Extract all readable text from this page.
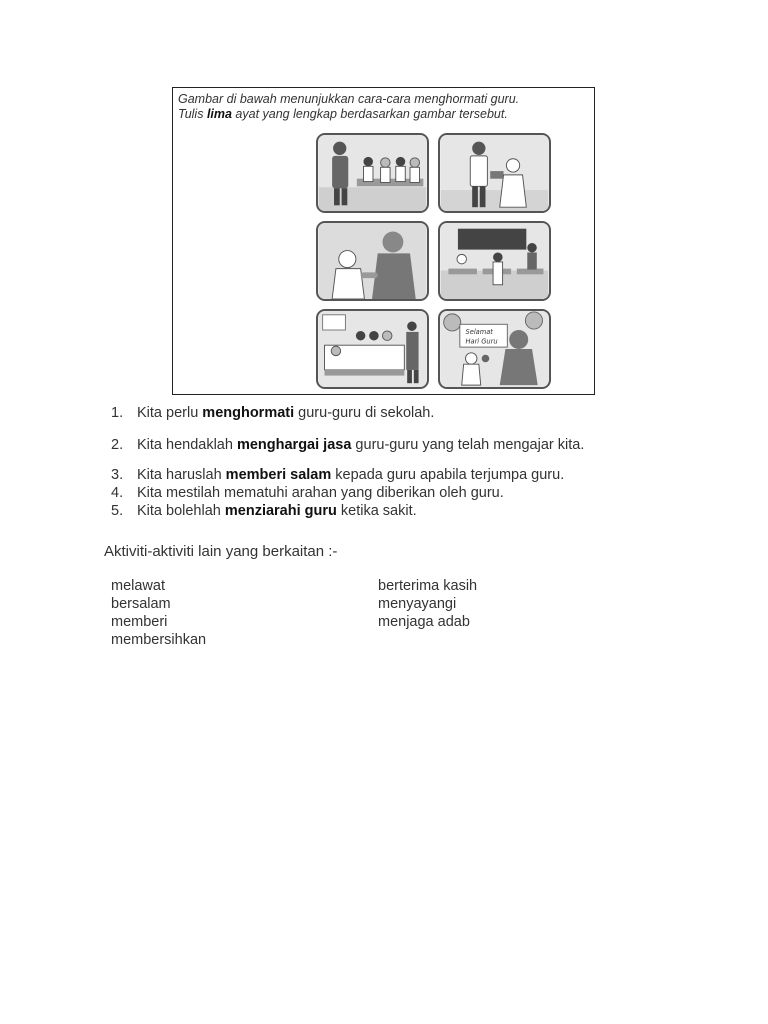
Gambar di bawah menunjukkan cara-cara menghormati guru.
Tulis lima ayat yang lengkap berdasarkan gambar tersebut.
Selamat
Hari Guru
1. Kita perlu menghormati guru-guru di sekolah.
2. Kita hendaklah menghargai jasa guru-guru yang telah mengajar kita.
3. Kita haruslah memberi salam kepada guru apabila terjumpa guru.
4. Kita mestilah mematuhi arahan yang diberikan oleh guru.
5. Kita bolehlah menziarahi guru ketika sakit.
Aktiviti-aktiviti lain yang berkaitan :-
melawat
bersalam
memberi
membersihkan
berterima kasih
menyayangi
menjaga adab
